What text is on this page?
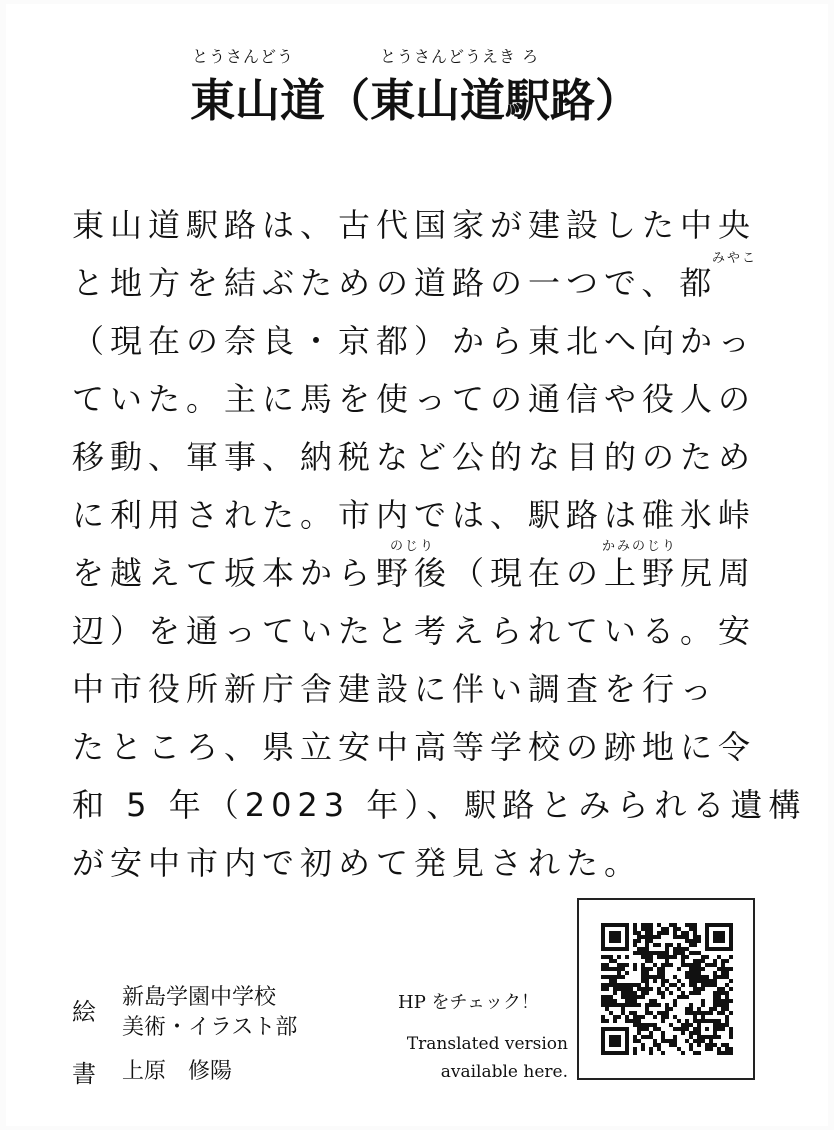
とうさんどう	とうさんどうえき ろ
東山道（東山道駅路）
東山道駅路は、古代国家が建設した中央
と地方を結ぶための道路の一つで、都
みやこ
（現在の奈良・京都）から東北へ向かっ
ていた。主に馬を使っての通信や役人の
移動、軍事、納税など公的な目的のため
に利用された。市内では、駅路は碓氷峠
のじり	かみのじり
を越えて坂本から野後（現在の上野尻周
辺）を通っていたと考えられている。安
中市役所新庁舎建設に伴い調査を行っ
たところ、県立安中高等学校の跡地に令
和 5 年（2023 年）、駅路とみられる遺構
が安中市内で初めて発見された。
絵
新島学園中学校
美術・イラスト部
書 上原　修陽
HP をチェック！
Translated version
available here.
